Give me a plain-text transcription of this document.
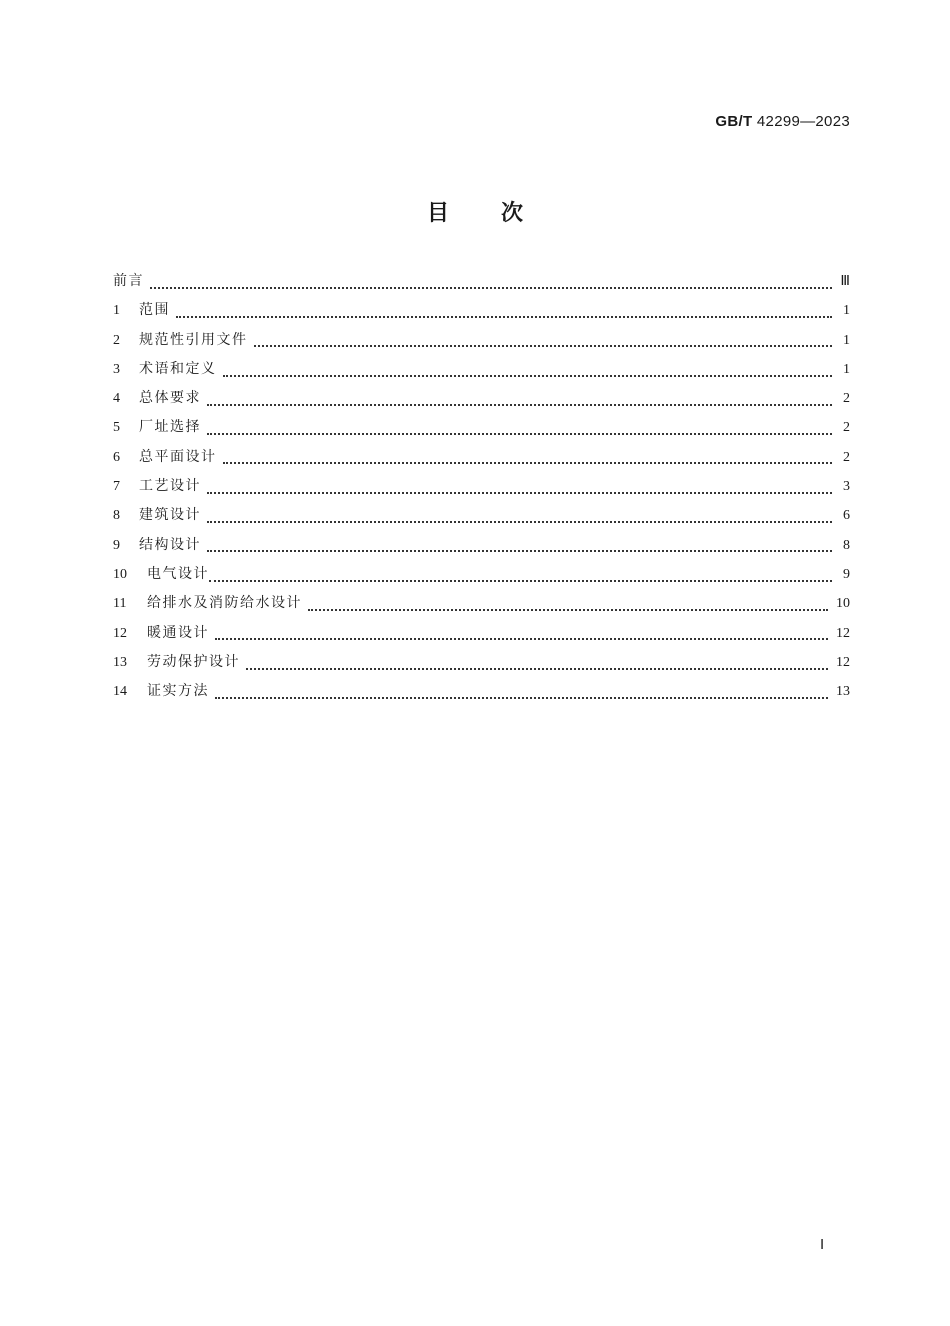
GB/T 42299—2023
目次
前言	Ⅲ
1	范围	1
2	规范性引用文件	1
3	术语和定义	1
4	总体要求	2
5	厂址选择	2
6	总平面设计	2
7	工艺设计	3
8	建筑设计	6
9	结构设计	8
10	电气设计	9
11	给排水及消防给水设计	10
12	暖通设计	12
13	劳动保护设计	12
14	证实方法	13
Ⅰ
